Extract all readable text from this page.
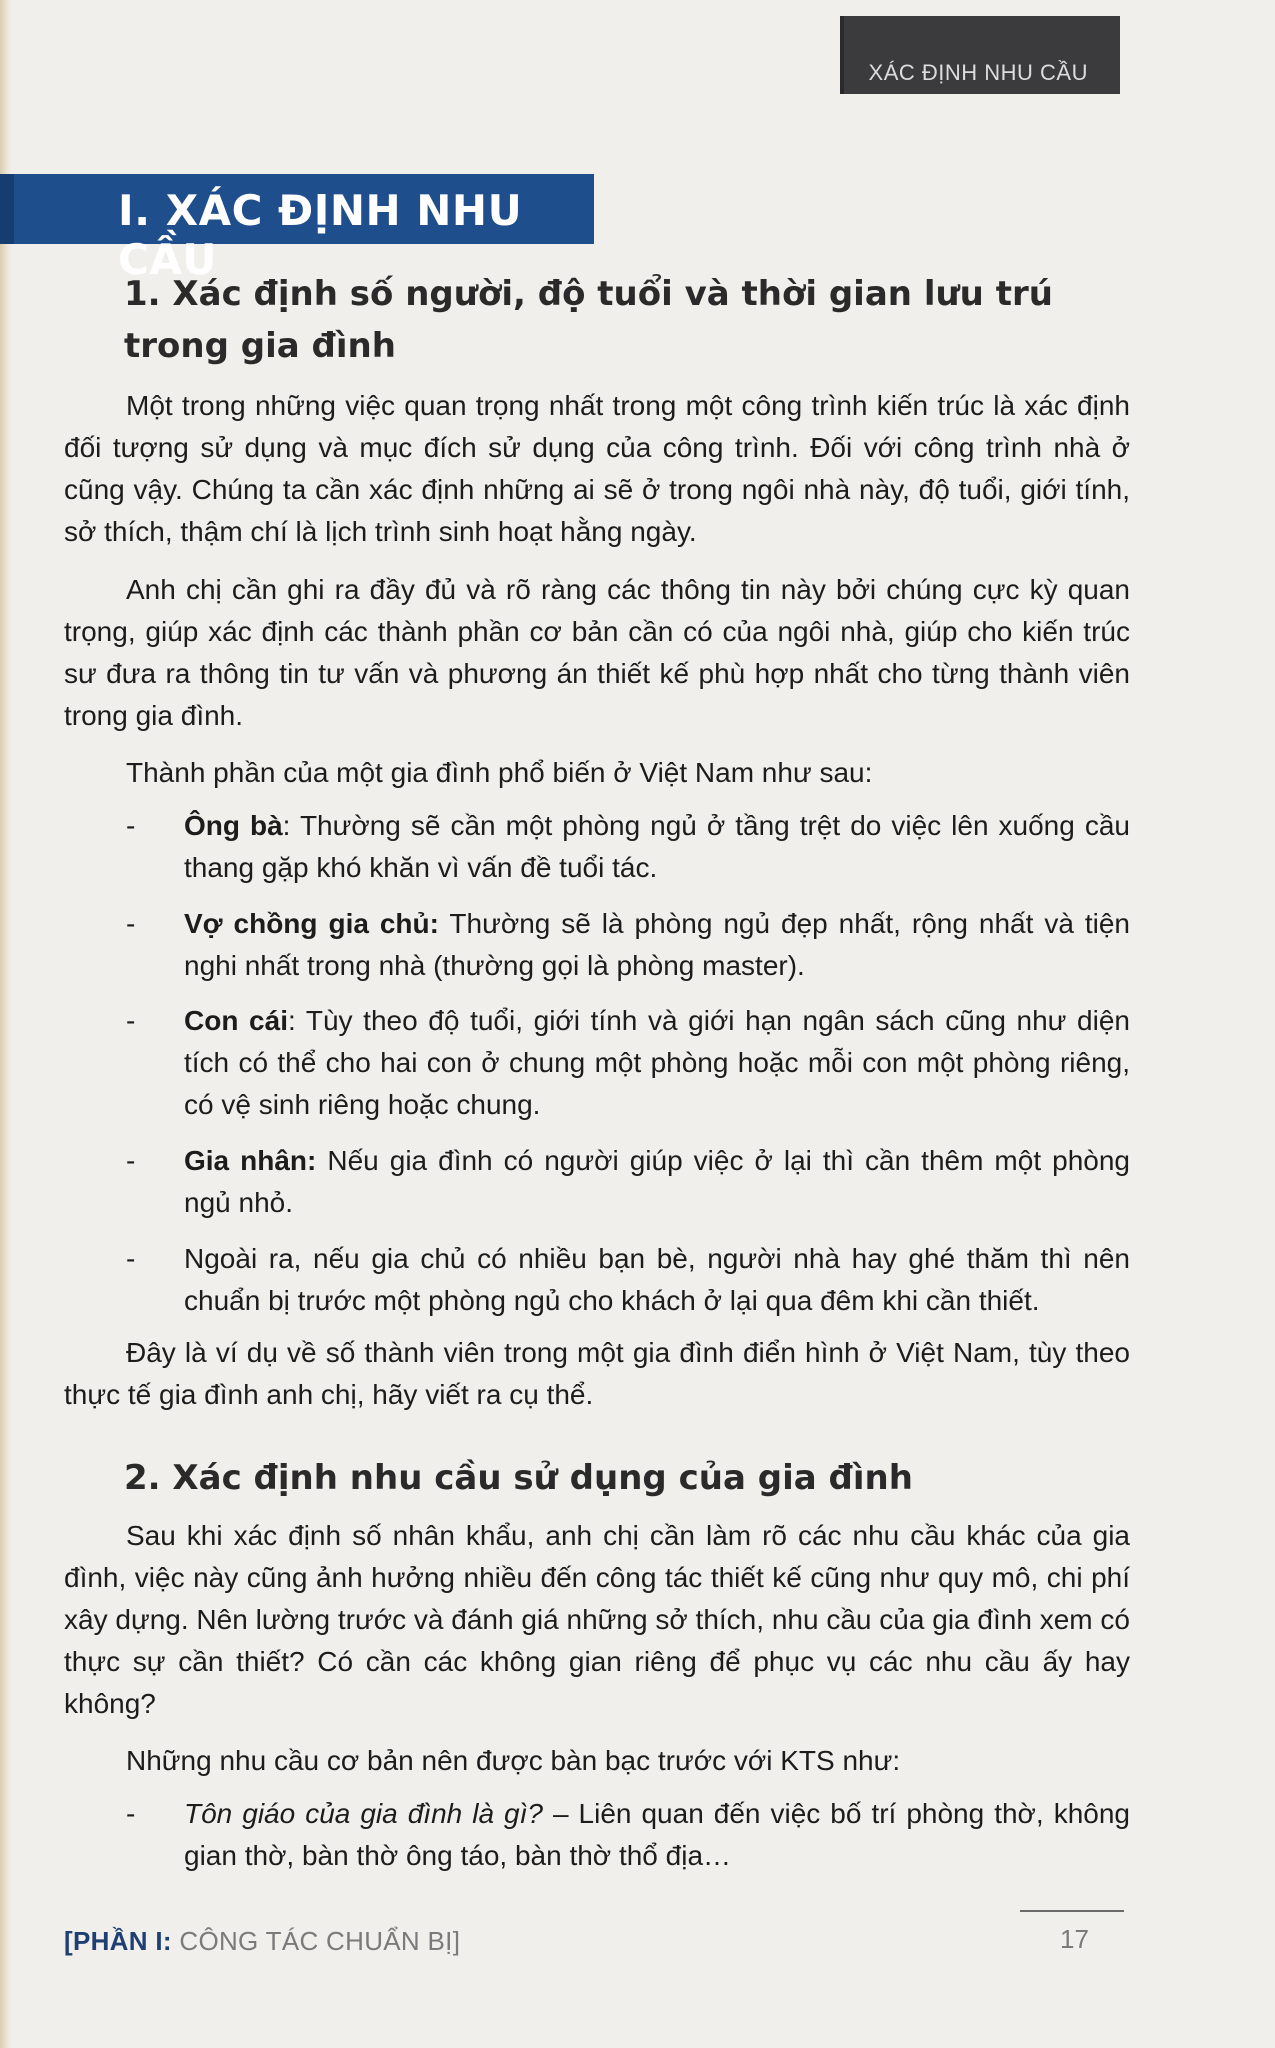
XÁC ĐỊNH NHU CẦU
I. XÁC ĐỊNH NHU CẦU
1. Xác định số người, độ tuổi và thời gian lưu trú trong gia đình

Một trong những việc quan trọng nhất trong một công trình kiến trúc là xác định đối tượng sử dụng và mục đích sử dụng của công trình. Đối với công trình nhà ở cũng vậy. Chúng ta cần xác định những ai sẽ ở trong ngôi nhà này, độ tuổi, giới tính, sở thích, thậm chí là lịch trình sinh hoạt hằng ngày.

Anh chị cần ghi ra đầy đủ và rõ ràng các thông tin này bởi chúng cực kỳ quan trọng, giúp xác định các thành phần cơ bản cần có của ngôi nhà, giúp cho kiến trúc sư đưa ra thông tin tư vấn và phương án thiết kế phù hợp nhất cho từng thành viên trong gia đình.

Thành phần của một gia đình phổ biến ở Việt Nam như sau:

-	Ông bà: Thường sẽ cần một phòng ngủ ở tầng trệt do việc lên xuống cầu thang gặp khó khăn vì vấn đề tuổi tác.
-	Vợ chồng gia chủ: Thường sẽ là phòng ngủ đẹp nhất, rộng nhất và tiện nghi nhất trong nhà (thường gọi là phòng master).
-	Con cái: Tùy theo độ tuổi, giới tính và giới hạn ngân sách cũng như diện tích có thể cho hai con ở chung một phòng hoặc mỗi con một phòng riêng, có vệ sinh riêng hoặc chung.
-	Gia nhân: Nếu gia đình có người giúp việc ở lại thì cần thêm một phòng ngủ nhỏ.
-	Ngoài ra, nếu gia chủ có nhiều bạn bè, người nhà hay ghé thăm thì nên chuẩn bị trước một phòng ngủ cho khách ở lại qua đêm khi cần thiết.

Đây là ví dụ về số thành viên trong một gia đình điển hình ở Việt Nam, tùy theo thực tế gia đình anh chị, hãy viết ra cụ thể.

2. Xác định nhu cầu sử dụng của gia đình

Sau khi xác định số nhân khẩu, anh chị cần làm rõ các nhu cầu khác của gia đình, việc này cũng ảnh hưởng nhiều đến công tác thiết kế cũng như quy mô, chi phí xây dựng. Nên lường trước và đánh giá những sở thích, nhu cầu của gia đình xem có thực sự cần thiết? Có cần các không gian riêng để phục vụ các nhu cầu ấy hay không?

Những nhu cầu cơ bản nên được bàn bạc trước với KTS như:

-	Tôn giáo của gia đình là gì? – Liên quan đến việc bố trí phòng thờ, không gian thờ, bàn thờ ông táo, bàn thờ thổ địa…
[PHẦN I: CÔNG TÁC CHUẨN BỊ]	17
